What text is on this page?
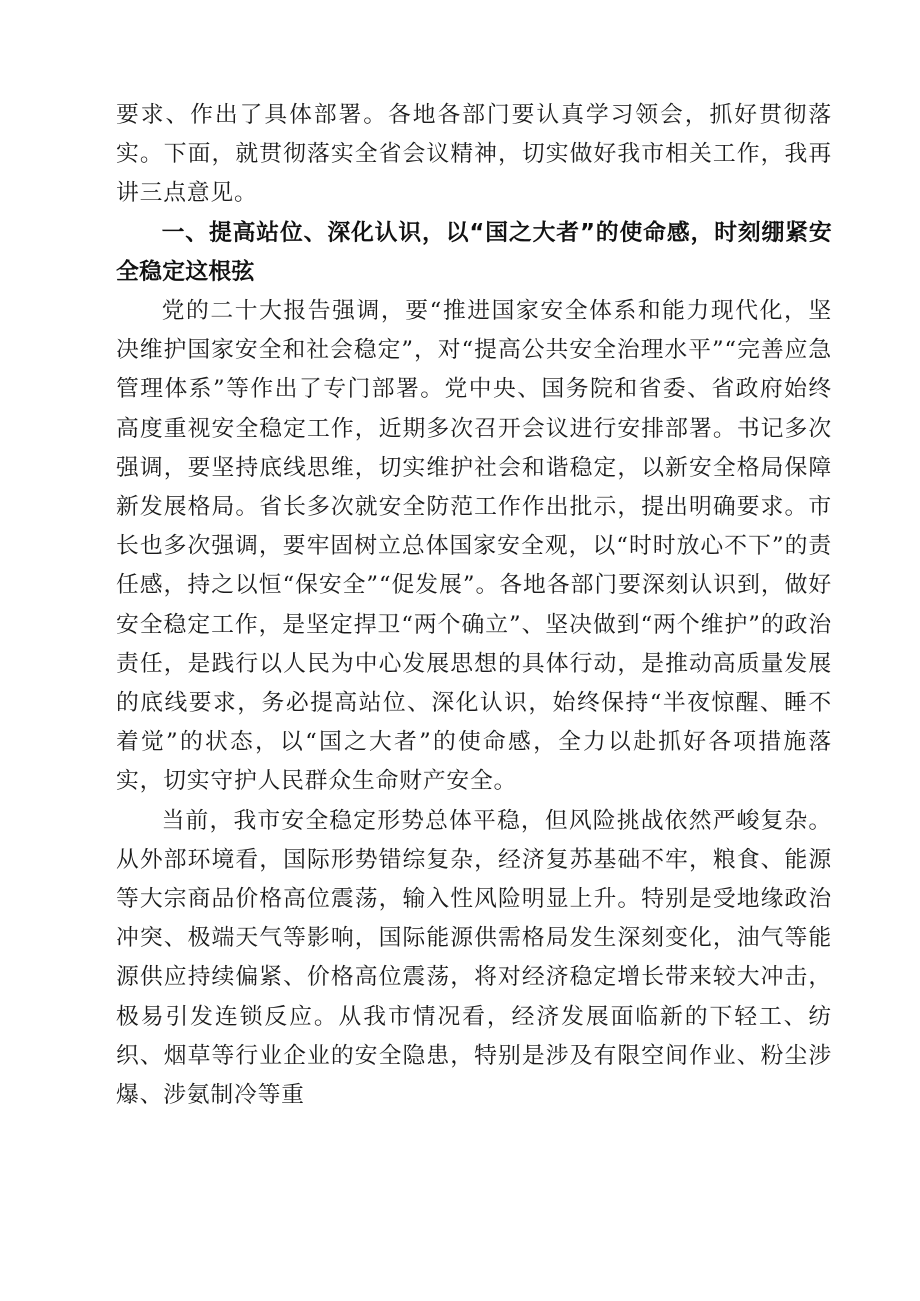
要求、作出了具体部署。各地各部门要认真学习领会，抓好贯彻落实。下面，就贯彻落实全省会议精神，切实做好我市相关工作，我再讲三点意见。

一、提高站位、深化认识，以“国之大者”的使命感，时刻绷紧安全稳定这根弦

党的二十大报告强调，要“推进国家安全体系和能力现代化，坚决维护国家安全和社会稳定”，对“提高公共安全治理水平”“完善应急管理体系”等作出了专门部署。党中央、国务院和省委、省政府始终高度重视安全稳定工作，近期多次召开会议进行安排部署。书记多次强调，要坚持底线思维，切实维护社会和谐稳定，以新安全格局保障新发展格局。省长多次就安全防范工作作出批示，提出明确要求。市长也多次强调，要牢固树立总体国家安全观，以“时时放心不下”的责任感，持之以恒“保安全”“促发展”。各地各部门要深刻认识到，做好安全稳定工作，是坚定捍卫“两个确立”、坚决做到“两个维护”的政治责任，是践行以人民为中心发展思想的具体行动，是推动高质量发展的底线要求，务必提高站位、深化认识，始终保持“半夜惊醒、睡不着觉”的状态，以“国之大者”的使命感，全力以赴抓好各项措施落实，切实守护人民群众生命财产安全。

当前，我市安全稳定形势总体平稳，但风险挑战依然严峻复杂。从外部环境看，国际形势错综复杂，经济复苏基础不牢，粮食、能源等大宗商品价格高位震荡，输入性风险明显上升。特别是受地缘政治冲突、极端天气等影响，国际能源供需格局发生深刻变化，油气等能源供应持续偏紧、价格高位震荡，将对经济稳定增长带来较大冲击，极易引发连锁反应。从我市情况看，经济发展面临新的下轻工、纺织、烟草等行业企业的安全隐患，特别是涉及有限空间作业、粉尘涉爆、涉氨制冷等重
